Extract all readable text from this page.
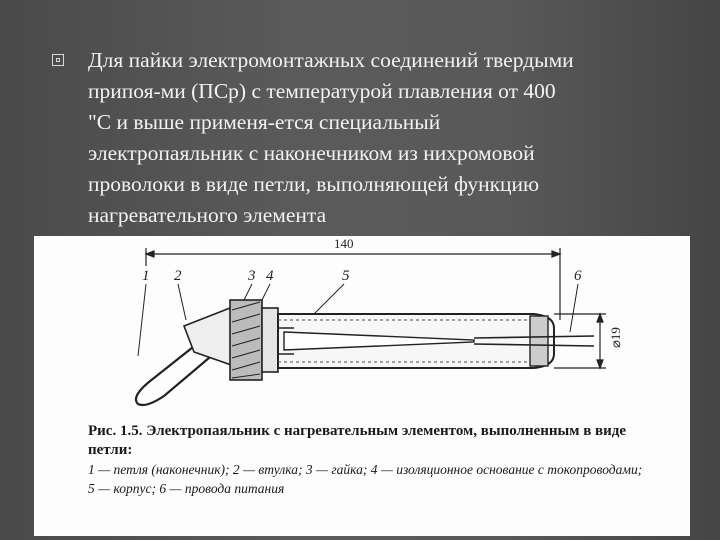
Для пайки электромонтажных соединений твердыми
припоя-ми (ПСр) с температурой плавления от 400
"С и выше применя-ется специальный
электропаяльник с наконечником из нихромовой
проволоки в виде петли, выполняющей функцию
нагревательного элемента
140
⌀19
1 2	3 4	5	6
Рис. 1.5. Электропаяльник с нагревательным элементом, выполненным в виде петли:
1 — петля (наконечник); 2 — втулка; 3 — гайка; 4 — изоляционное основание с токопроводами; 5 — корпус; 6 — провода питания
